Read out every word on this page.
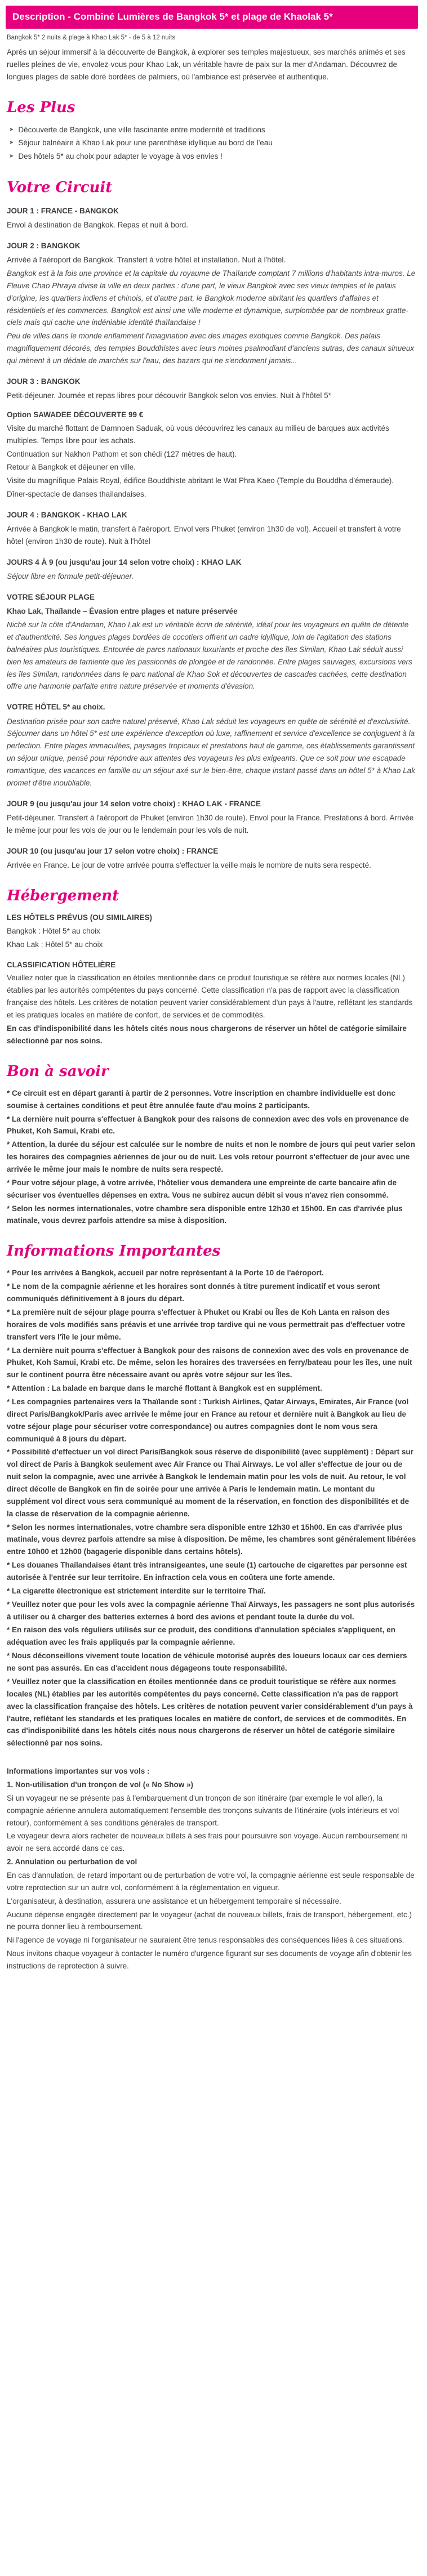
Description - Combiné Lumières de Bangkok 5* et plage de Khaolak 5*

Bangkok 5* 2 nuits & plage à Khao Lak 5* - de 5 à 12 nuits

Après un séjour immersif à la découverte de Bangkok, à explorer ses temples majestueux, ses marchés animés et ses ruelles pleines de vie, envolez-vous pour Khao Lak, un véritable havre de paix sur la mer d'Andaman. Découvrez de longues plages de sable doré bordées de palmiers, où l'ambiance est préservée et authentique.

Les Plus
➤ Découverte de Bangkok, une ville fascinante entre modernité et traditions
➤ Séjour balnéaire à Khao Lak pour une parenthèse idyllique au bord de l'eau
➤ Des hôtels 5* au choix pour adapter le voyage à vos envies !
Votre Circuit

JOUR 1 : FRANCE - BANGKOK

Envol à destination de Bangkok. Repas et nuit à bord.

JOUR 2 : BANGKOK

Arrivée à l'aéroport de Bangkok. Transfert à votre hôtel et installation. Nuit à l'hôtel.

Bangkok est à la fois une province et la capitale du royaume de Thaïlande comptant 7 millions d'habitants intra-muros. Le Fleuve Chao Phraya divise la ville en deux parties : d'une part, le vieux Bangkok avec ses vieux temples et le palais d'origine, les quartiers indiens et chinois, et d'autre part, le Bangkok moderne abritant les quartiers d'affaires et résidentiels et les commerces. Bangkok est ainsi une ville moderne et dynamique, surplombée par de nombreux gratte-ciels mais qui cache une indéniable identité thaïlandaise !

Peu de villes dans le monde enflamment l'imagination avec des images exotiques comme Bangkok. Des palais magnifiquement décorés, des temples Bouddhistes avec leurs moines psalmodiant d'anciens sutras, des canaux sinueux qui mènent à un dédale de marchés sur l'eau, des bazars qui ne s'endorment jamais...

JOUR 3 : BANGKOK

Petit-déjeuner. Journée et repas libres pour découvrir Bangkok selon vos envies. Nuit à l'hôtel 5*

Option SAWADEE DÉCOUVERTE 99 €

Visite du marché flottant de Damnoen Saduak, où vous découvrirez les canaux au milieu de barques aux activités multiples. Temps libre pour les achats.

Continuation sur Nakhon Pathom et son chédi (127 mètres de haut).

Retour à Bangkok et déjeuner en ville.

Visite du magnifique Palais Royal, édifice Bouddhiste abritant le Wat Phra Kaeo (Temple du Bouddha d'émeraude).

Dîner-spectacle de danses thaïlandaises.

JOUR 4 : BANGKOK - KHAO LAK

Arrivée à Bangkok le matin, transfert à l'aéroport. Envol vers Phuket (environ 1h30 de vol). Accueil et transfert à votre hôtel (environ 1h30 de route). Nuit à l'hôtel

JOURS 4 À 9 (ou jusqu'au jour 14 selon votre choix) : KHAO LAK

Séjour libre en formule petit-déjeuner.

VOTRE SÉJOUR PLAGE

Khao Lak, Thaïlande – Évasion entre plages et nature préservée

Niché sur la côte d'Andaman, Khao Lak est un véritable écrin de sérénité, idéal pour les voyageurs en quête de détente et d'authenticité. Ses longues plages bordées de cocotiers offrent un cadre idyllique, loin de l'agitation des stations balnéaires plus touristiques. Entourée de parcs nationaux luxuriants et proche des îles Similan, Khao Lak séduit aussi bien les amateurs de farniente que les passionnés de plongée et de randonnée. Entre plages sauvages, excursions vers les îles Similan, randonnées dans le parc national de Khao Sok et découvertes de cascades cachées, cette destination offre une harmonie parfaite entre nature préservée et moments d'évasion.

VOTRE HÔTEL 5* au choix.

Destination prisée pour son cadre naturel préservé, Khao Lak séduit les voyageurs en quête de sérénité et d'exclusivité. Séjourner dans un hôtel 5* est une expérience d'exception où luxe, raffinement et service d'excellence se conjuguent à la perfection. Entre plages immaculées, paysages tropicaux et prestations haut de gamme, ces établissements garantissent un séjour unique, pensé pour répondre aux attentes des voyageurs les plus exigeants. Que ce soit pour une escapade romantique, des vacances en famille ou un séjour axé sur le bien-être, chaque instant passé dans un hôtel 5* à Khao Lak promet d'être inoubliable.

JOUR 9 (ou jusqu'au jour 14 selon votre choix) : KHAO LAK - FRANCE

Petit-déjeuner. Transfert à l'aéroport de Phuket (environ 1h30 de route). Envol pour la France. Prestations à bord. Arrivée le même jour pour les vols de jour ou le lendemain pour les vols de nuit.

JOUR 10 (ou jusqu'au jour 17 selon votre choix) : FRANCE

Arrivée en France. Le jour de votre arrivée pourra s'effectuer la veille mais le nombre de nuits sera respecté.

Hébergement

LES HÔTELS PRÉVUS (OU SIMILAIRES)

Bangkok : Hôtel 5* au choix

Khao Lak : Hôtel 5* au choix

CLASSIFICATION HÔTELIÈRE

Veuillez noter que la classification en étoiles mentionnée dans ce produit touristique se réfère aux normes locales (NL) établies par les autorités compétentes du pays concerné. Cette classification n'a pas de rapport avec la classification française des hôtels. Les critères de notation peuvent varier considérablement d'un pays à l'autre, reflétant les standards et les pratiques locales en matière de confort, de services et de commodités.

En cas d'indisponibilité dans les hôtels cités nous nous chargerons de réserver un hôtel de catégorie similaire sélectionné par nos soins.

Bon à savoir

* Ce circuit est en départ garanti à partir de 2 personnes. Votre inscription en chambre individuelle est donc soumise à certaines conditions et peut être annulée faute d'au moins 2 participants.

* La dernière nuit pourra s'effectuer à Bangkok pour des raisons de connexion avec des vols en provenance de Phuket, Koh Samui, Krabi etc.

* Attention, la durée du séjour est calculée sur le nombre de nuits et non le nombre de jours qui peut varier selon les horaires des compagnies aériennes de jour ou de nuit. Les vols retour pourront s'effectuer de jour avec une arrivée le même jour mais le nombre de nuits sera respecté.

* Pour votre séjour plage, à votre arrivée, l'hôtelier vous demandera une empreinte de carte bancaire afin de sécuriser vos éventuelles dépenses en extra. Vous ne subirez aucun débit si vous n'avez rien consommé.

* Selon les normes internationales, votre chambre sera disponible entre 12h30 et 15h00. En cas d'arrivée plus matinale, vous devrez parfois attendre sa mise à disposition.

Informations Importantes

* Pour les arrivées à Bangkok, accueil par notre représentant à la Porte 10 de l'aéroport.

* Le nom de la compagnie aérienne et les horaires sont donnés à titre purement indicatif et vous seront communiqués définitivement à 8 jours du départ.

* La première nuit de séjour plage pourra s'effectuer à Phuket ou Krabi ou Îles de Koh Lanta en raison des horaires de vols modifiés sans préavis et une arrivée trop tardive qui ne vous permettrait pas d'effectuer votre transfert vers l'île le jour même.

* La dernière nuit pourra s'effectuer à Bangkok pour des raisons de connexion avec des vols en provenance de Phuket, Koh Samui, Krabi etc. De même, selon les horaires des traversées en ferry/bateau pour les îles, une nuit sur le continent pourra être nécessaire avant ou après votre séjour sur les îles.

* Attention : La balade en barque dans le marché flottant à Bangkok est en supplément.

* Les compagnies partenaires vers la Thaïlande sont : Turkish Airlines, Qatar Airways, Emirates, Air France (vol direct Paris/Bangkok/Paris avec arrivée le même jour en France au retour et dernière nuit à Bangkok au lieu de votre séjour plage pour sécuriser votre correspondance) ou autres compagnies dont le nom vous sera communiqué à 8 jours du départ.

* Possibilité d'effectuer un vol direct Paris/Bangkok sous réserve de disponibilité (avec supplément) : Départ sur vol direct de Paris à Bangkok seulement avec Air France ou Thaï Airways. Le vol aller s'effectue de jour ou de nuit selon la compagnie, avec une arrivée à Bangkok le lendemain matin pour les vols de nuit. Au retour, le vol direct décolle de Bangkok en fin de soirée pour une arrivée à Paris le lendemain matin. Le montant du supplément vol direct vous sera communiqué au moment de la réservation, en fonction des disponibilités et de la classe de réservation de la compagnie aérienne.

* Selon les normes internationales, votre chambre sera disponible entre 12h30 et 15h00. En cas d'arrivée plus matinale, vous devrez parfois attendre sa mise à disposition. De même, les chambres sont généralement libérées entre 10h00 et 12h00 (bagagerie disponible dans certains hôtels).

* Les douanes Thaïlandaises étant très intransigeantes, une seule (1) cartouche de cigarettes par personne est autorisée à l'entrée sur leur territoire. En infraction cela vous en coûtera une forte amende.

* La cigarette électronique est strictement interdite sur le territoire Thaï.

* Veuillez noter que pour les vols avec la compagnie aérienne Thaï Airways, les passagers ne sont plus autorisés à utiliser ou à charger des batteries externes à bord des avions et pendant toute la durée du vol.

* En raison des vols réguliers utilisés sur ce produit, des conditions d'annulation spéciales s'appliquent, en adéquation avec les frais appliqués par la compagnie aérienne.

* Nous déconseillons vivement toute location de véhicule motorisé auprès des loueurs locaux car ces derniers ne sont pas assurés. En cas d'accident nous dégageons toute responsabilité.

* Veuillez noter que la classification en étoiles mentionnée dans ce produit touristique se réfère aux normes locales (NL) établies par les autorités compétentes du pays concerné. Cette classification n'a pas de rapport avec la classification française des hôtels. Les critères de notation peuvent varier considérablement d'un pays à l'autre, reflétant les standards et les pratiques locales en matière de confort, de services et de commodités. En cas d'indisponibilité dans les hôtels cités nous nous chargerons de réserver un hôtel de catégorie similaire sélectionné par nos soins.

Informations importantes sur vos vols :

1. Non-utilisation d'un tronçon de vol (« No Show »)

Si un voyageur ne se présente pas à l'embarquement d'un tronçon de son itinéraire (par exemple le vol aller), la compagnie aérienne annulera automatiquement l'ensemble des tronçons suivants de l'itinéraire (vols intérieurs et vol retour), conformément à ses conditions générales de transport.

Le voyageur devra alors racheter de nouveaux billets à ses frais pour poursuivre son voyage. Aucun remboursement ni avoir ne sera accordé dans ce cas.

2. Annulation ou perturbation de vol

En cas d'annulation, de retard important ou de perturbation de votre vol, la compagnie aérienne est seule responsable de votre reprotection sur un autre vol, conformément à la réglementation en vigueur.

L'organisateur, à destination, assurera une assistance et un hébergement temporaire si nécessaire.

Aucune dépense engagée directement par le voyageur (achat de nouveaux billets, frais de transport, hébergement, etc.) ne pourra donner lieu à remboursement.

Ni l'agence de voyage ni l'organisateur ne sauraient être tenus responsables des conséquences liées à ces situations.

Nous invitons chaque voyageur à contacter le numéro d'urgence figurant sur ses documents de voyage afin d'obtenir les instructions de reprotection à suivre.
